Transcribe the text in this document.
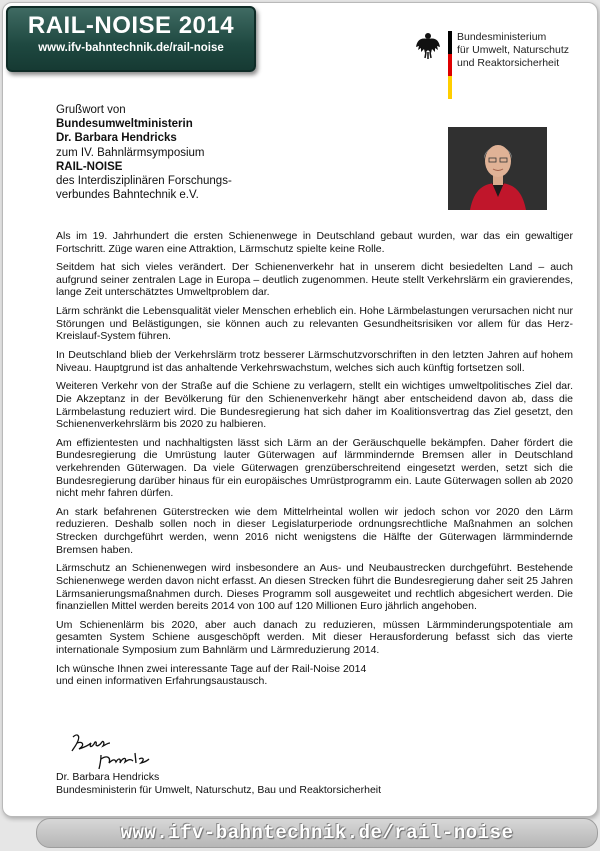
RAIL-NOISE 2014
www.ifv-bahntechnik.de/rail-noise
Bundesministerium
für Umwelt, Naturschutz
und Reaktorsicherheit
Grußwort von
Bundesumweltministerin
Dr. Barbara Hendricks
zum IV. Bahnlärmsymposium
RAIL-NOISE
des Interdisziplinären Forschungs-
verbundes Bahntechnik e.V.

Als im 19. Jahrhundert die ersten Schienenwege in Deutschland gebaut wurden, war das ein gewaltiger Fortschritt. Züge waren eine Attraktion, Lärmschutz spielte keine Rolle.

Seitdem hat sich vieles verändert. Der Schienenverkehr hat in unserem dicht besiedelten Land – auch aufgrund seiner zentralen Lage in Europa – deutlich zugenommen. Heute stellt Verkehrslärm ein gravierendes, lange Zeit unterschätztes Umweltproblem dar.

Lärm schränkt die Lebensqualität vieler Menschen erheblich ein. Hohe Lärmbelastungen verursachen nicht nur Störungen und Belästigungen, sie können auch zu relevanten Gesundheitsrisiken vor allem für das Herz-Kreislauf-System führen.

In Deutschland blieb der Verkehrslärm trotz besserer Lärmschutzvorschriften in den letzten Jahren auf hohem Niveau. Hauptgrund ist das anhaltende Verkehrswachstum, welches sich auch künftig fortsetzen soll.

Weiteren Verkehr von der Straße auf die Schiene zu verlagern, stellt ein wichtiges umweltpolitisches Ziel dar. Die Akzeptanz in der Bevölkerung für den Schienenverkehr hängt aber entscheidend davon ab, dass die Lärmbelastung reduziert wird. Die Bundesregierung hat sich daher im Koalitionsvertrag das Ziel gesetzt, den Schienenverkehrslärm bis 2020 zu halbieren.

Am effizientesten und nachhaltigsten lässt sich Lärm an der Geräuschquelle bekämpfen. Daher fördert die Bundesregierung die Umrüstung lauter Güterwagen auf lärmmindernde Bremsen aller in Deutschland verkehrenden Güterwagen. Da viele Güterwagen grenzüberschreitend eingesetzt werden, setzt sich die Bundesregierung darüber hinaus für ein europäisches Umrüstprogramm ein. Laute Güterwagen sollen ab 2020 nicht mehr fahren dürfen.

An stark befahrenen Güterstrecken wie dem Mittelrheintal wollen wir jedoch schon vor 2020 den Lärm reduzieren. Deshalb sollen noch in dieser Legislaturperiode ordnungsrechtliche Maßnahmen an solchen Strecken durchgeführt werden, wenn 2016 nicht wenigstens die Hälfte der Güterwagen lärmmindernde Bremsen haben.

Lärmschutz an Schienenwegen wird insbesondere an Aus- und Neubaustrecken durchgeführt. Bestehende Schienenwege werden davon nicht erfasst. An diesen Strecken führt die Bundesregierung daher seit 25 Jahren Lärmsanierungsmaßnahmen durch. Dieses Programm soll ausgeweitet und rechtlich abgesichert werden. Die finanziellen Mittel werden bereits 2014 von 100 auf 120 Millionen Euro jährlich angehoben.

Um Schienenlärm bis 2020, aber auch danach zu reduzieren, müssen Lärmminderungspotentiale am gesamten System Schiene ausgeschöpft werden. Mit dieser Herausforderung befasst sich das vierte internationale Symposium zum Bahnlärm und Lärmreduzierung 2014.

Ich wünsche Ihnen zwei interessante Tage auf der Rail-Noise 2014
und einen informativen Erfahrungsaustausch.

Dr. Barbara Hendricks
Bundesministerin für Umwelt, Naturschutz, Bau und Reaktorsicherheit
www.ifv-bahntechnik.de/rail-noise
